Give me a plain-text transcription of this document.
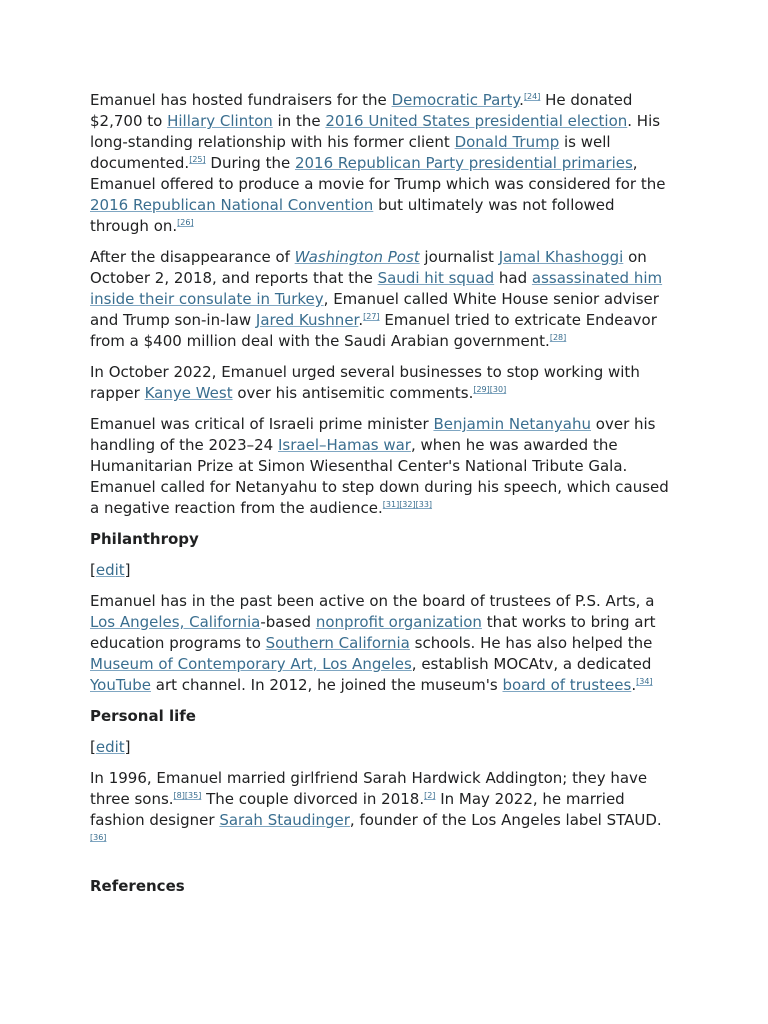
Emanuel has hosted fundraisers for the Democratic Party.[24] He donated $2,700 to Hillary Clinton in the 2016 United States presidential election. His long-standing relationship with his former client Donald Trump is well documented.[25] During the 2016 Republican Party presidential primaries, Emanuel offered to produce a movie for Trump which was considered for the 2016 Republican National Convention but ultimately was not followed through on.[26]

After the disappearance of Washington Post journalist Jamal Khashoggi on October 2, 2018, and reports that the Saudi hit squad had assassinated him inside their consulate in Turkey, Emanuel called White House senior adviser and Trump son-in-law Jared Kushner.[27] Emanuel tried to extricate Endeavor from a $400 million deal with the Saudi Arabian government.[28]

In October 2022, Emanuel urged several businesses to stop working with rapper Kanye West over his antisemitic comments.[29][30]

Emanuel was critical of Israeli prime minister Benjamin Netanyahu over his handling of the 2023–24 Israel–Hamas war, when he was awarded the Humanitarian Prize at Simon Wiesenthal Center's National Tribute Gala. Emanuel called for Netanyahu to step down during his speech, which caused a negative reaction from the audience.[31][32][33]

Philanthropy
[edit]

Emanuel has in the past been active on the board of trustees of P.S. Arts, a Los Angeles, California-based nonprofit organization that works to bring art education programs to Southern California schools. He has also helped the Museum of Contemporary Art, Los Angeles, establish MOCAtv, a dedicated YouTube art channel. In 2012, he joined the museum's board of trustees.[34]

Personal life
[edit]

In 1996, Emanuel married girlfriend Sarah Hardwick Addington; they have three sons.[8][35] The couple divorced in 2018.[2] In May 2022, he married fashion designer Sarah Staudinger, founder of the Los Angeles label STAUD.[36]

References
